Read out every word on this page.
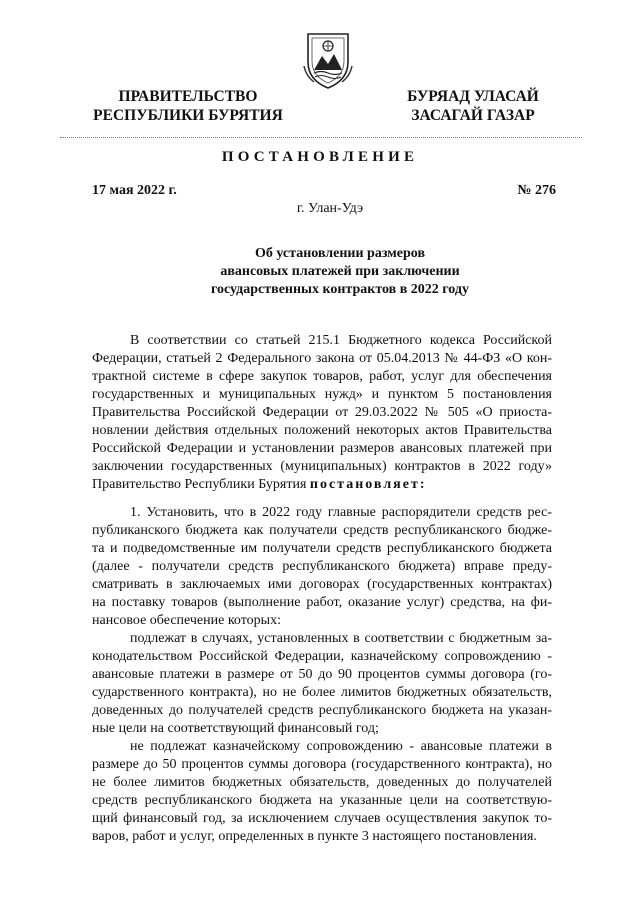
ПРАВИТЕЛЬСТВО
РЕСПУБЛИКИ БУРЯТИЯ
БУРЯАД УЛАСАЙ
ЗАСАГАЙ ГАЗАР
ПОСТАНОВЛЕНИЕ
17 мая 2022 г.	№ 276
г. Улан-Удэ
Об установлении размеров
авансовых платежей при заключении
государственных контрактов в 2022 году

В соответствии со статьей 215.1 Бюджетного кодекса Российской
Федерации, статьей 2 Федерального закона от 05.04.2013 № 44-ФЗ «О кон-
трактной системе в сфере закупок товаров, работ, услуг для обеспечения
государственных и муниципальных нужд» и пунктом 5 постановления
Правительства Российской Федерации от 29.03.2022 № 505 «О приоста-
новлении действия отдельных положений некоторых актов Правительства
Российской Федерации и установлении размеров авансовых платежей при
заключении государственных (муниципальных) контрактов в 2022 году»
Правительство Республики Бурятия постановляет:

1. Установить, что в 2022 году главные распорядители средств рес-
публиканского бюджета как получатели средств республиканского бюдже-
та и подведомственные им получатели средств республиканского бюджета
(далее - получатели средств республиканского бюджета) вправе преду-
сматривать в заключаемых ими договорах (государственных контрактах)
на поставку товаров (выполнение работ, оказание услуг) средства, на фи-
нансовое обеспечение которых:

подлежат в случаях, установленных в соответствии с бюджетным за-
конодательством Российской Федерации, казначейскому сопровождению -
авансовые платежи в размере от 50 до 90 процентов суммы договора (го-
сударственного контракта), но не более лимитов бюджетных обязательств,
доведенных до получателей средств республиканского бюджета на указан-
ные цели на соответствующий финансовый год;

не подлежат казначейскому сопровождению - авансовые платежи в
размере до 50 процентов суммы договора (государственного контракта), но
не более лимитов бюджетных обязательств, доведенных до получателей
средств республиканского бюджета на указанные цели на соответствую-
щий финансовый год, за исключением случаев осуществления закупок то-
варов, работ и услуг, определенных в пункте 3 настоящего постановления.
